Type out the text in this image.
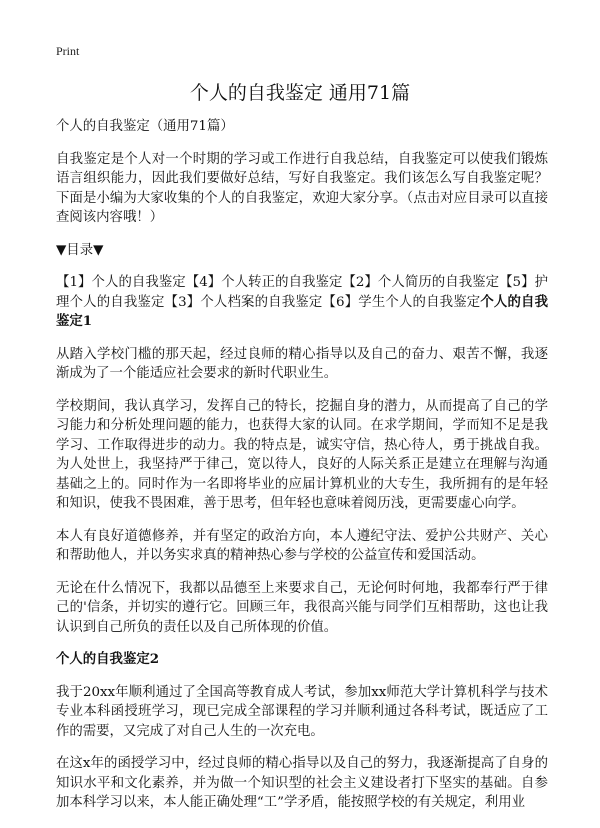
Print
个人的自我鉴定 通用71篇

个人的自我鉴定（通用71篇）

自我鉴定是个人对一个时期的学习或工作进行自我总结，自我鉴定可以使我们锻炼语言组织能力，因此我们要做好总结，写好自我鉴定。我们该怎么写自我鉴定呢？下面是小编为大家收集的个人的自我鉴定，欢迎大家分享。（点击对应目录可以直接查阅该内容哦！）

▼目录▼

【1】个人的自我鉴定【4】个人转正的自我鉴定【2】个人简历的自我鉴定【5】护理个人的自我鉴定【3】个人档案的自我鉴定【6】学生个人的自我鉴定个人的自我鉴定1

从踏入学校门槛的那天起，经过良师的精心指导以及自己的奋力、艰苦不懈，我逐渐成为了一个能适应社会要求的新时代职业生。

学校期间，我认真学习，发挥自己的特长，挖掘自身的潜力，从而提高了自己的学习能力和分析处理问题的能力，也获得大家的认同。在求学期间，学而知不足是我学习、工作取得进步的动力。我的特点是，诚实守信，热心待人，勇于挑战自我。为人处世上，我坚持严于律己，宽以待人，良好的人际关系正是建立在理解与沟通基础之上的。同时作为一名即将毕业的应届计算机业的大专生，我所拥有的是年轻和知识，使我不畏困难，善于思考，但年轻也意味着阅历浅，更需要虚心向学。

本人有良好道德修养，并有坚定的政治方向，本人遵纪守法、爱护公共财产、关心和帮助他人，并以务实求真的精神热心参与学校的公益宣传和爱国活动。

无论在什么情况下，我都以品德至上来要求自己，无论何时何地，我都奉行严于律己的'信条，并切实的遵行它。回顾三年，我很高兴能与同学们互相帮助，这也让我认识到自己所负的责任以及自己所体现的价值。

个人的自我鉴定2

我于20xx年顺利通过了全国高等教育成人考试，参加xx师范大学计算机科学与技术专业本科函授班学习，现已完成全部课程的学习并顺利通过各科考试，既适应了工作的需要，又完成了对自己人生的一次充电。

在这x年的函授学习中，经过良师的精心指导以及自己的努力，我逐渐提高了自身的知识水平和文化素养，并为做一个知识型的社会主义建设者打下坚实的基础。自参加本科学习以来，本人能正确处理“工”学矛盾，能按照学校的有关规定，利用业
